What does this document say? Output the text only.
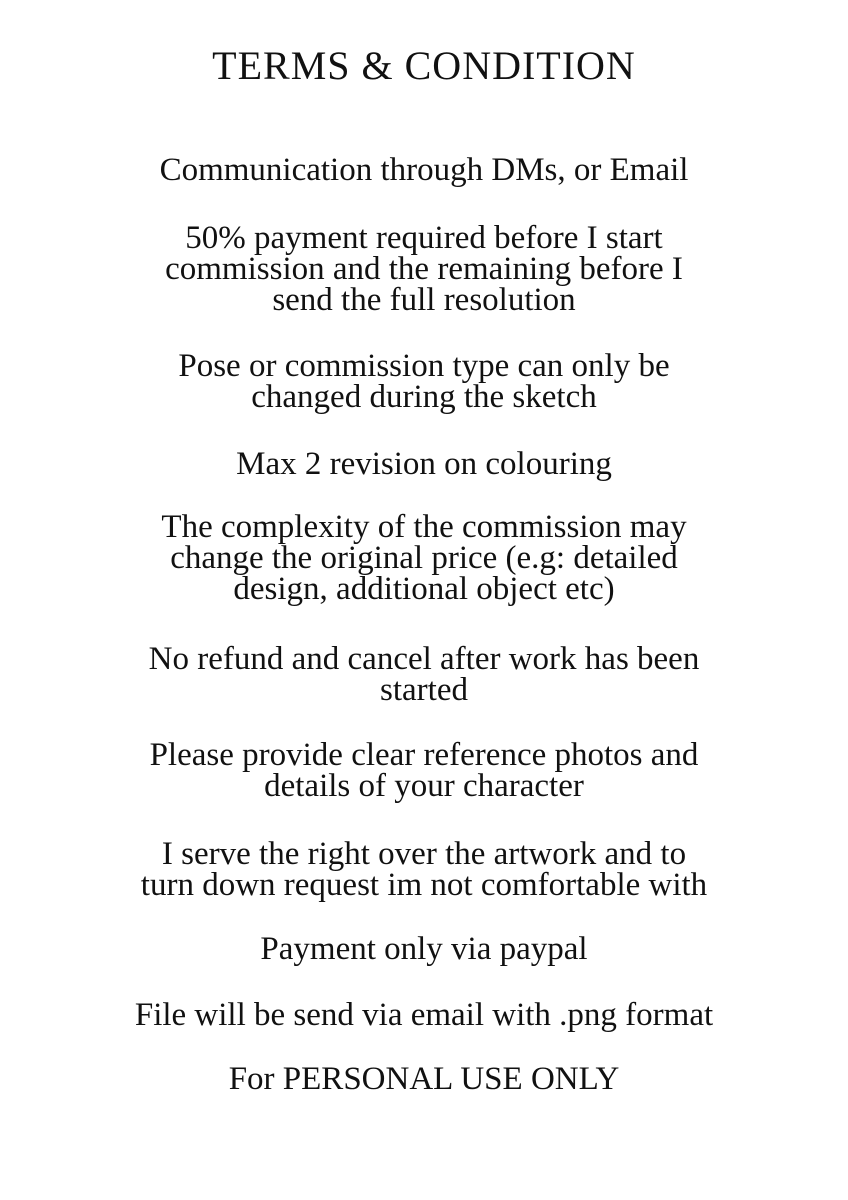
TERMS & CONDITION
Communication through DMs, or Email
50% payment required before I start
commission and the remaining before I
send the full resolution
Pose or commission type can only be
changed during the sketch
Max 2 revision on colouring
The complexity of the commission may
change the original price (e.g: detailed
design, additional object etc)
No refund and cancel after work has been
started
Please provide clear reference photos and
details of your character
I serve the right over the artwork and to
turn down request im not comfortable with
Payment only via paypal
File will be send via email with .png format
For PERSONAL USE ONLY
